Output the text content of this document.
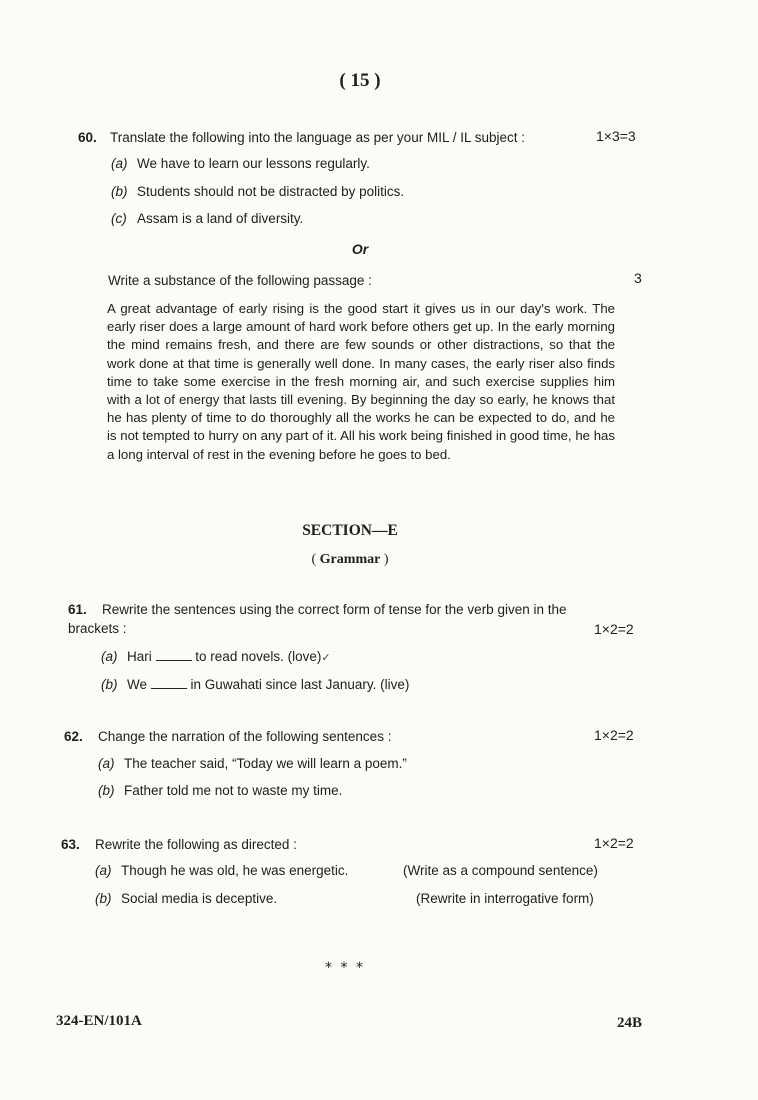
( 15 )
60. Translate the following into the language as per your MIL / IL subject :	1×3=3
(a) We have to learn our lessons regularly.
(b) Students should not be distracted by politics.
(c) Assam is a land of diversity.
Or
Write a substance of the following passage :	3
A great advantage of early rising is the good start it gives us in our day's work. The early riser does a large amount of hard work before others get up. In the early morning the mind remains fresh, and there are few sounds or other distractions, so that the work done at that time is generally well done. In many cases, the early riser also finds time to take some exercise in the fresh morning air, and such exercise supplies him with a lot of energy that lasts till evening. By beginning the day so early, he knows that he has plenty of time to do thoroughly all the works he can be expected to do, and he is not tempted to hurry on any part of it. All his work being finished in good time, he has a long interval of rest in the evening before he goes to bed.
SECTION—E
( Grammar )
61. Rewrite the sentences using the correct form of tense for the verb given in the brackets :	1×2=2
(a) Hari	to read novels. (love)✓
(b) We	in Guwahati since last January. (live)
62. Change the narration of the following sentences :	1×2=2
(a) The teacher said, “Today we will learn a poem.”
(b) Father told me not to waste my time.
63. Rewrite the following as directed :	1×2=2
(a) Though he was old, he was energetic.	(Write as a compound sentence)
(b) Social media is deceptive.	(Rewrite in interrogative form)
* * *
324-EN/101A	24B
